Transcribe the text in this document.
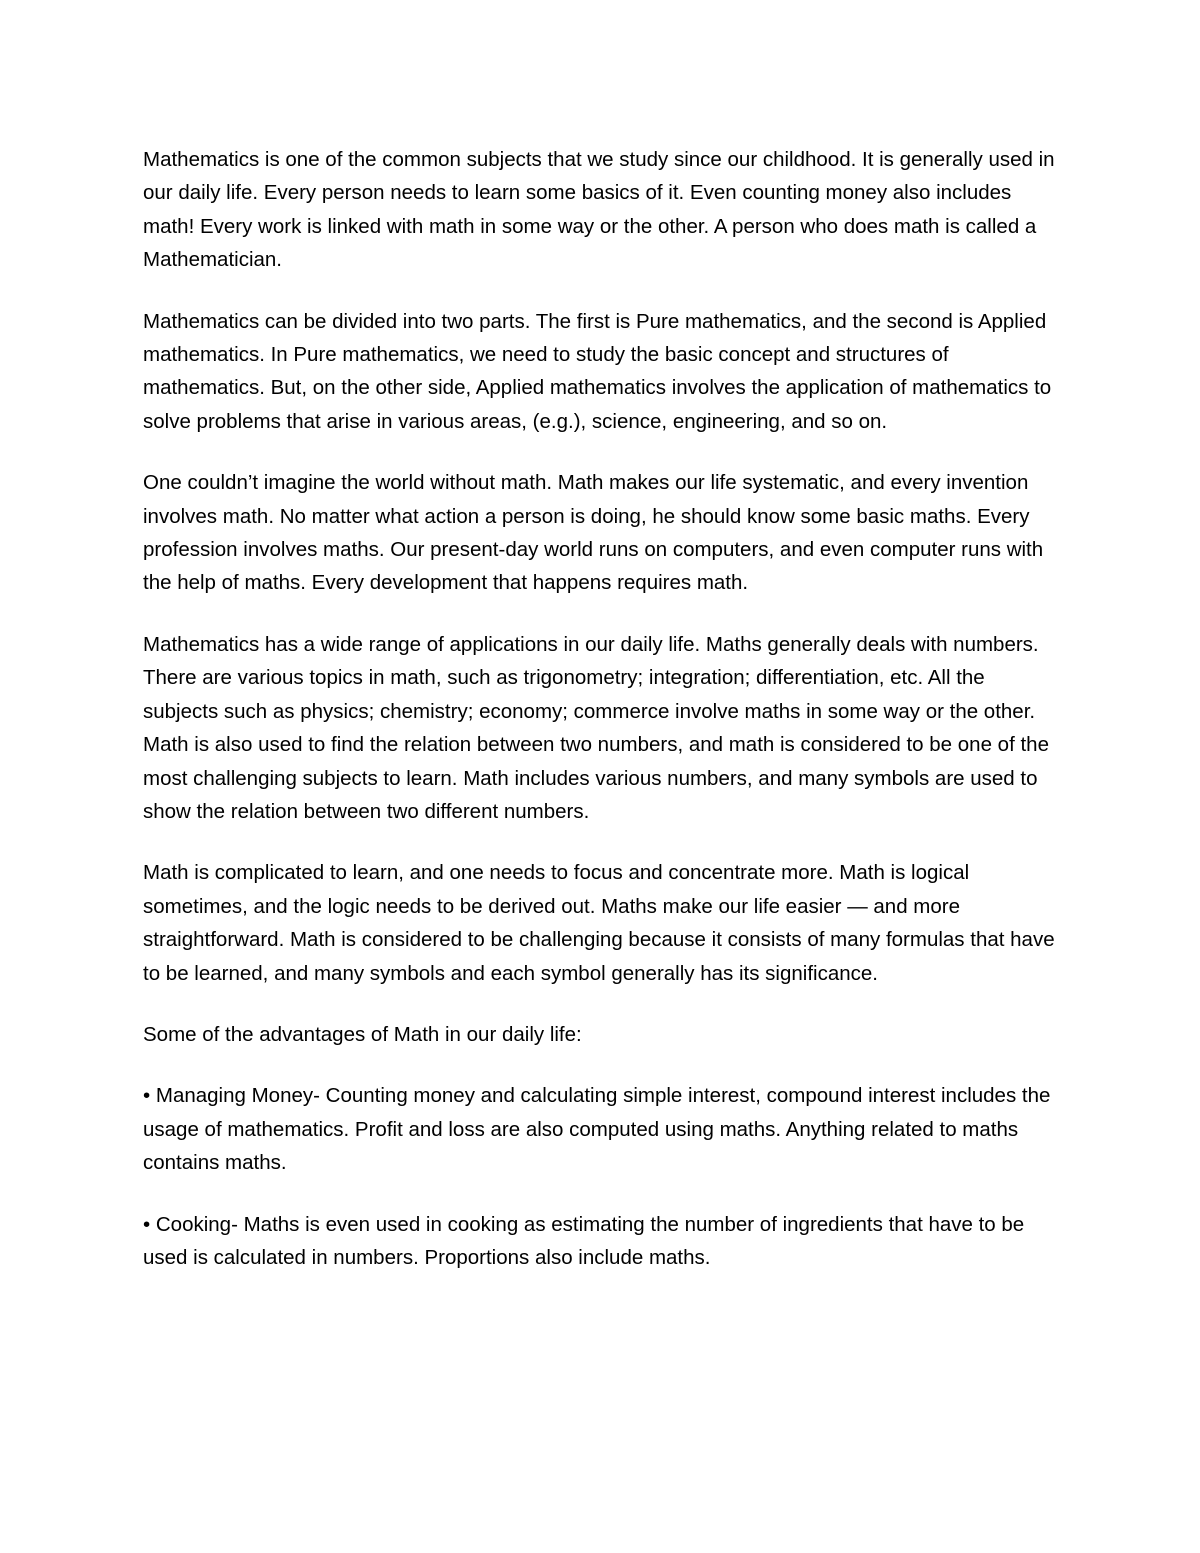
Mathematics is one of the common subjects that we study since our childhood. It is generally used in our daily life. Every person needs to learn some basics of it. Even counting money also includes math! Every work is linked with math in some way or the other. A person who does math is called a Mathematician.

Mathematics can be divided into two parts. The first is Pure mathematics, and the second is Applied mathematics. In Pure mathematics, we need to study the basic concept and structures of mathematics. But, on the other side, Applied mathematics involves the application of mathematics to solve problems that arise in various areas, (e.g.), science, engineering, and so on.

One couldn’t imagine the world without math. Math makes our life systematic, and every invention involves math. No matter what action a person is doing, he should know some basic maths. Every profession involves maths. Our present-day world runs on computers, and even computer runs with the help of maths. Every development that happens requires math.

Mathematics has a wide range of applications in our daily life. Maths generally deals with numbers. There are various topics in math, such as trigonometry; integration; differentiation, etc. All the subjects such as physics; chemistry; economy; commerce involve maths in some way or the other. Math is also used to find the relation between two numbers, and math is considered to be one of the most challenging subjects to learn. Math includes various numbers, and many symbols are used to show the relation between two different numbers.

Math is complicated to learn, and one needs to focus and concentrate more. Math is logical sometimes, and the logic needs to be derived out. Maths make our life easier — and more straightforward. Math is considered to be challenging because it consists of many formulas that have to be learned, and many symbols and each symbol generally has its significance.

Some of the advantages of Math in our daily life:

• Managing Money- Counting money and calculating simple interest, compound interest includes the usage of mathematics. Profit and loss are also computed using maths. Anything related to maths contains maths.

• Cooking- Maths is even used in cooking as estimating the number of ingredients that have to be used is calculated in numbers. Proportions also include maths.
